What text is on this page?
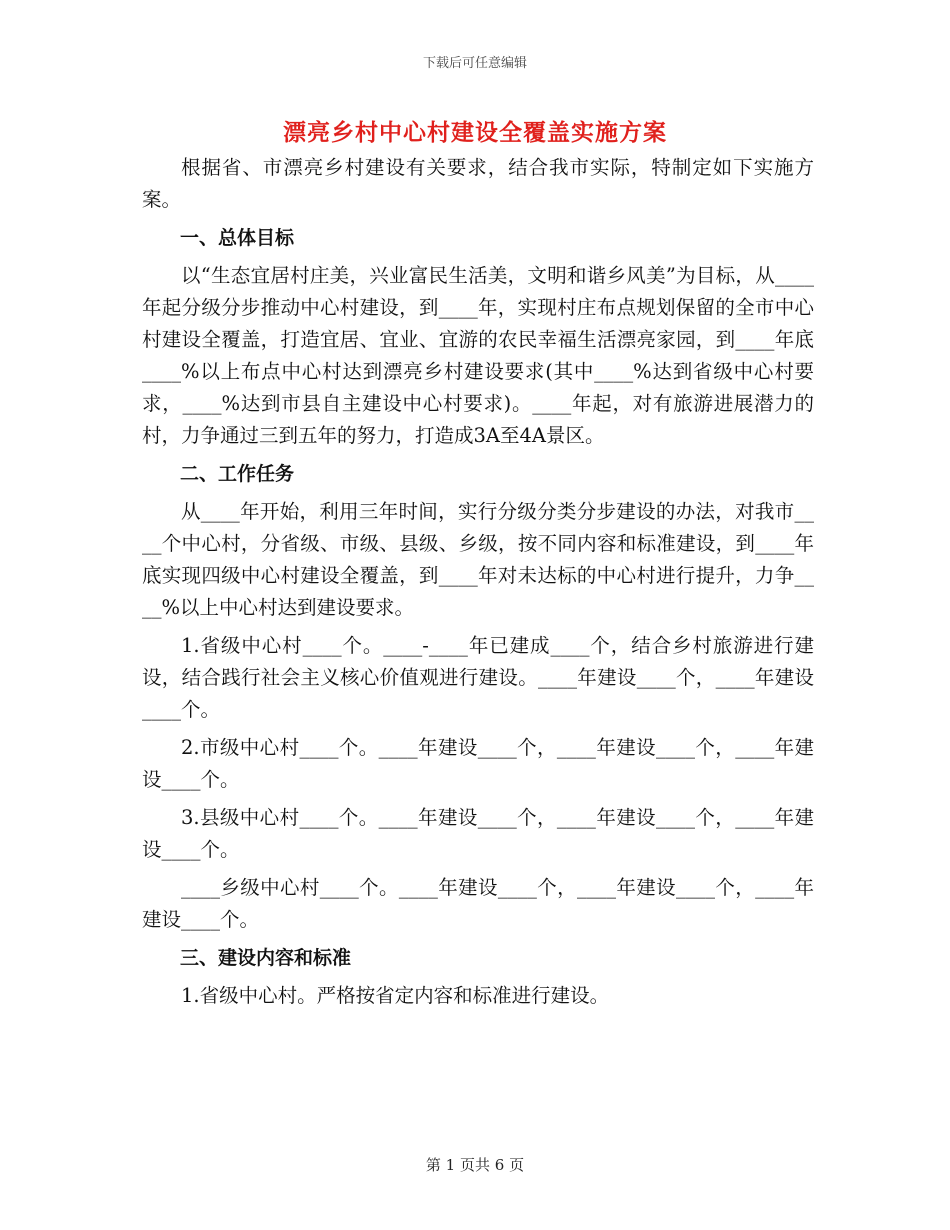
下载后可任意编辑
漂亮乡村中心村建设全覆盖实施方案

根据省、市漂亮乡村建设有关要求，结合我市实际，特制定如下实施方案。

一、总体目标

以“生态宜居村庄美，兴业富民生活美，文明和谐乡风美”为目标，从____年起分级分步推动中心村建设，到____年，实现村庄布点规划保留的全市中心村建设全覆盖，打造宜居、宜业、宜游的农民幸福生活漂亮家园，到____年底____%以上布点中心村达到漂亮乡村建设要求(其中____%达到省级中心村要求，____%达到市县自主建设中心村要求)。____年起，对有旅游进展潜力的村，力争通过三到五年的努力，打造成3A至4A景区。

二、工作任务

从____年开始，利用三年时间，实行分级分类分步建设的办法，对我市____个中心村，分省级、市级、县级、乡级，按不同内容和标准建设，到____年底实现四级中心村建设全覆盖，到____年对未达标的中心村进行提升，力争____%以上中心村达到建设要求。

1.省级中心村____个。____-____年已建成____个，结合乡村旅游进行建设，结合践行社会主义核心价值观进行建设。____年建设____个，____年建设____个。

2.市级中心村____个。____年建设____个，____年建设____个，____年建设____个。

3.县级中心村____个。____年建设____个，____年建设____个，____年建设____个。

____乡级中心村____个。____年建设____个，____年建设____个，____年建设____个。

三、建设内容和标准

1.省级中心村。严格按省定内容和标准进行建设。

第 1 页共 6 页
